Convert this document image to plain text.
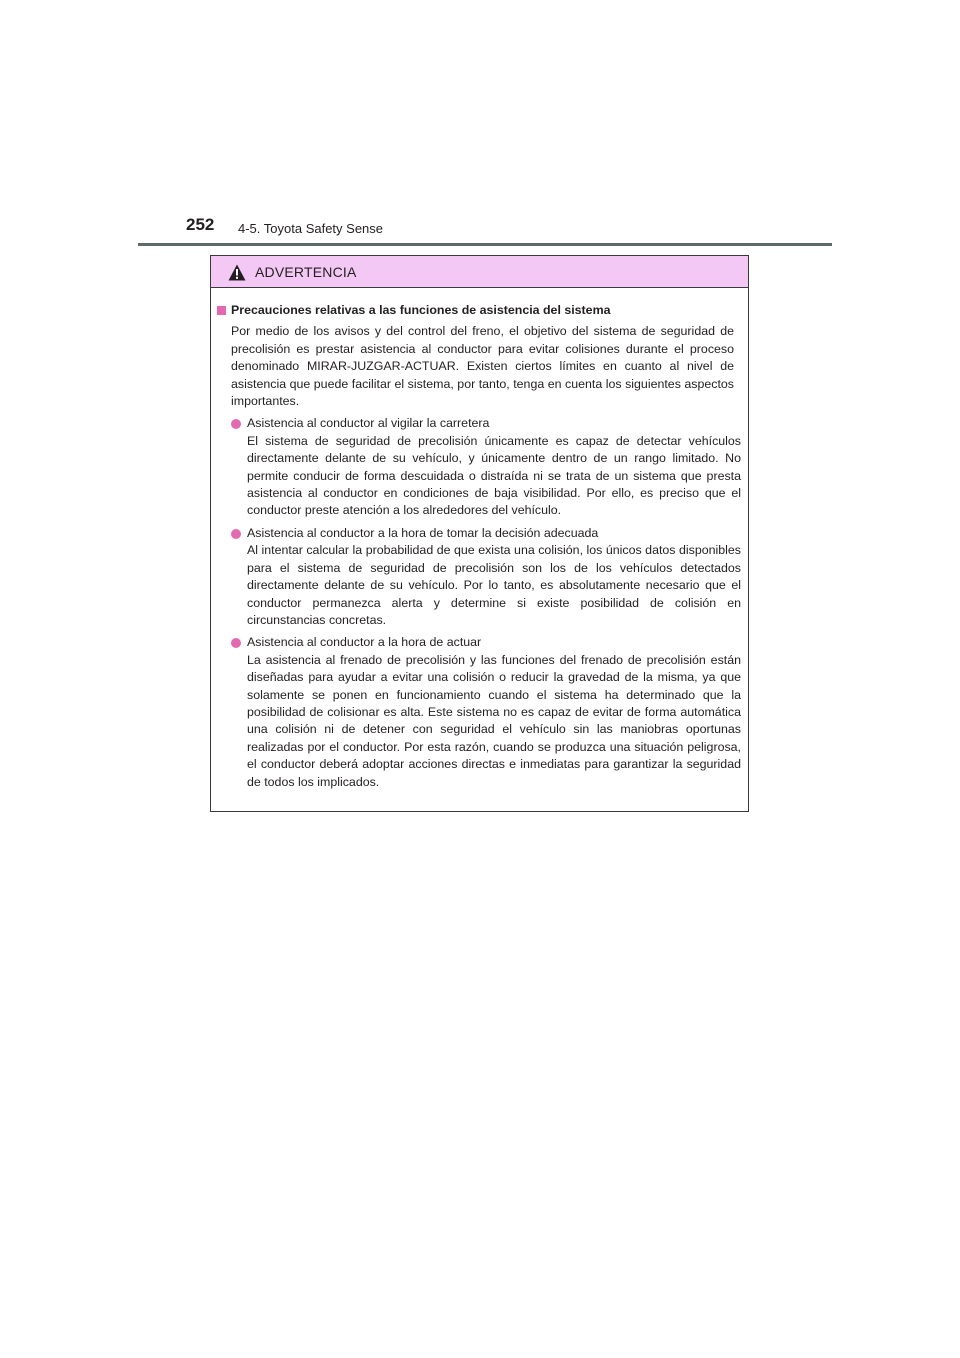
252 4-5. Toyota Safety Sense
ADVERTENCIA
Precauciones relativas a las funciones de asistencia del sistema
Por medio de los avisos y del control del freno, el objetivo del sistema de seguridad de precolisión es prestar asistencia al conductor para evitar colisiones durante el proceso denominado MIRAR-JUZGAR-ACTUAR. Existen ciertos límites en cuanto al nivel de asistencia que puede facilitar el sistema, por tanto, tenga en cuenta los siguientes aspectos importantes.
Asistencia al conductor al vigilar la carretera
El sistema de seguridad de precolisión únicamente es capaz de detectar vehículos directamente delante de su vehículo, y únicamente dentro de un rango limitado. No permite conducir de forma descuidada o distraída ni se trata de un sistema que presta asistencia al conductor en condiciones de baja visibilidad. Por ello, es preciso que el conductor preste atención a los alrededores del vehículo.
Asistencia al conductor a la hora de tomar la decisión adecuada
Al intentar calcular la probabilidad de que exista una colisión, los únicos datos disponibles para el sistema de seguridad de precolisión son los de los vehículos detectados directamente delante de su vehículo. Por lo tanto, es absolutamente necesario que el conductor permanezca alerta y determine si existe posibilidad de colisión en circunstancias concretas.
Asistencia al conductor a la hora de actuar
La asistencia al frenado de precolisión y las funciones del frenado de precolisión están diseñadas para ayudar a evitar una colisión o reducir la gravedad de la misma, ya que solamente se ponen en funcionamiento cuando el sistema ha determinado que la posibilidad de colisionar es alta. Este sistema no es capaz de evitar de forma automática una colisión ni de detener con seguridad el vehículo sin las maniobras oportunas realizadas por el conductor. Por esta razón, cuando se produzca una situación peligrosa, el conductor deberá adoptar acciones directas e inmediatas para garantizar la seguridad de todos los implicados.
